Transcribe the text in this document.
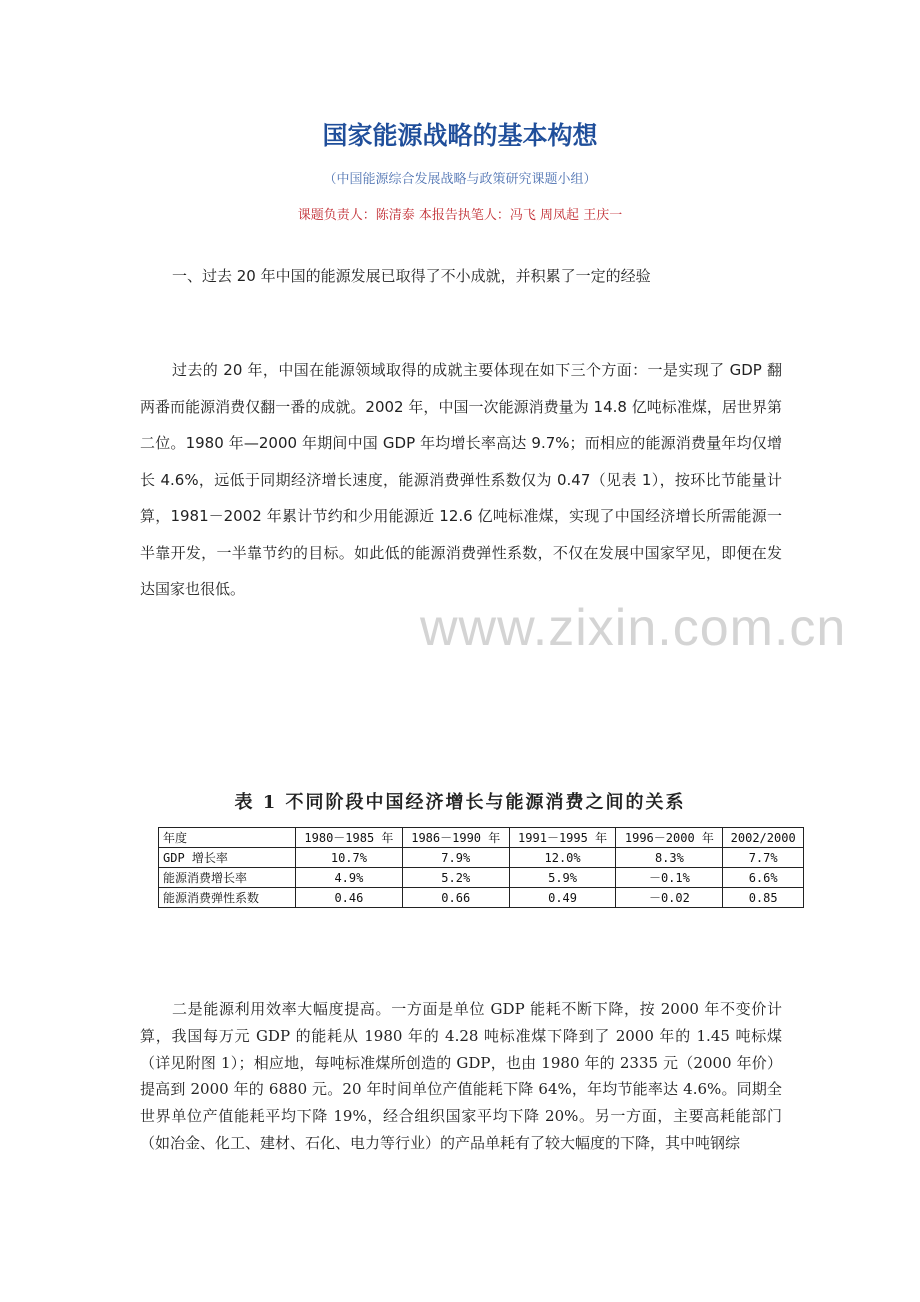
国家能源战略的基本构想
（中国能源综合发展战略与政策研究课题小组）
课题负责人：陈清泰 本报告执笔人：冯飞 周凤起 王庆一
一、过去 20 年中国的能源发展已取得了不小成就，并积累了一定的经验

过去的 20 年，中国在能源领域取得的成就主要体现在如下三个方面：一是实现了 GDP 翻两番而能源消费仅翻一番的成就。2002 年，中国一次能源消费量为 14.8 亿吨标准煤，居世界第二位。1980 年—2000 年期间中国 GDP 年均增长率高达 9.7%；而相应的能源消费量年均仅增长 4.6%，远低于同期经济增长速度，能源消费弹性系数仅为 0.47（见表 1），按环比节能量计算，1981－2002 年累计节约和少用能源近 12.6 亿吨标准煤，实现了中国经济增长所需能源一半靠开发，一半靠节约的目标。如此低的能源消费弹性系数，不仅在发展中国家罕见，即便在发达国家也很低。

www.zixin.com.cn
表 1 不同阶段中国经济增长与能源消费之间的关系
年度	1980－1985 年	1986－1990 年	1991－1995 年	1996－2000 年	2002/2000
GDP 增长率	10.7%	7.9%	12.0%	8.3%	7.7%
能源消费增长率	4.9%	5.2%	5.9%	－0.1%	6.6%
能源消费弹性系数	0.46	0.66	0.49	－0.02	0.85

二是能源利用效率大幅度提高。一方面是单位 GDP 能耗不断下降，按 2000 年不变价计算，我国每万元 GDP 的能耗从 1980 年的 4.28 吨标准煤下降到了 2000 年的 1.45 吨标煤（详见附图 1）；相应地，每吨标准煤所创造的 GDP，也由 1980 年的 2335 元（2000 年价）提高到 2000 年的 6880 元。20 年时间单位产值能耗下降 64%，年均节能率达 4.6%。同期全世界单位产值能耗平均下降 19%，经合组织国家平均下降 20%。另一方面，主要高耗能部门（如冶金、化工、建材、石化、电力等行业）的产品单耗有了较大幅度的下降，其中吨钢综
